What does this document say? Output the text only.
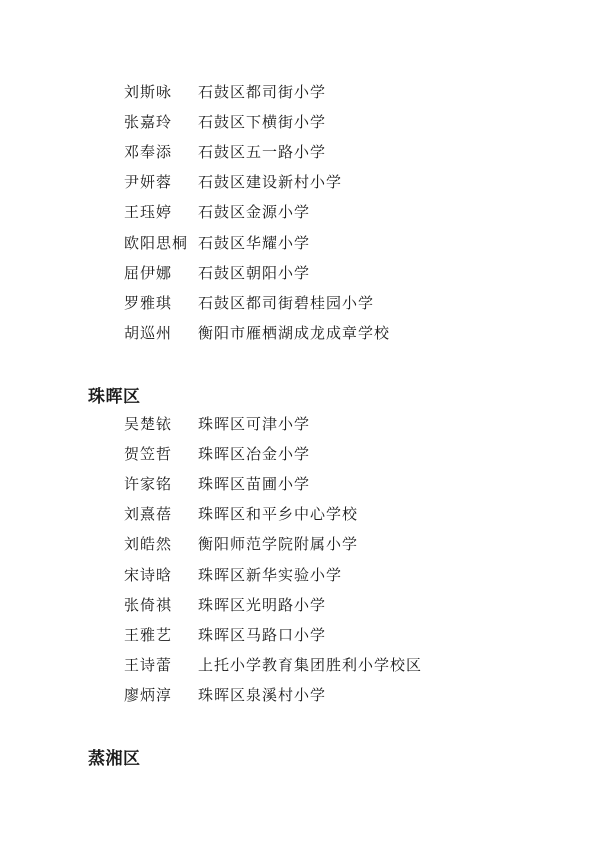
刘斯咏	石鼓区都司街小学
张嘉玲	石鼓区下横街小学
邓奉添	石鼓区五一路小学
尹妍蓉	石鼓区建设新村小学
王珏婷	石鼓区金源小学
欧阳思桐 石鼓区华耀小学
屈伊娜	石鼓区朝阳小学
罗雅琪	石鼓区都司街碧桂园小学
胡巡州	衡阳市雁栖湖成龙成章学校
珠晖区
吴楚铱	珠晖区可津小学
贺笠哲	珠晖区冶金小学
许家铭	珠晖区苗圃小学
刘熹蓓	珠晖区和平乡中心学校
刘皓然	衡阳师范学院附属小学
宋诗晗	珠晖区新华实验小学
张倚祺	珠晖区光明路小学
王雅艺	珠晖区马路口小学
王诗蕾	上托小学教育集团胜利小学校区
廖炳淳	珠晖区泉溪村小学
蒸湘区
